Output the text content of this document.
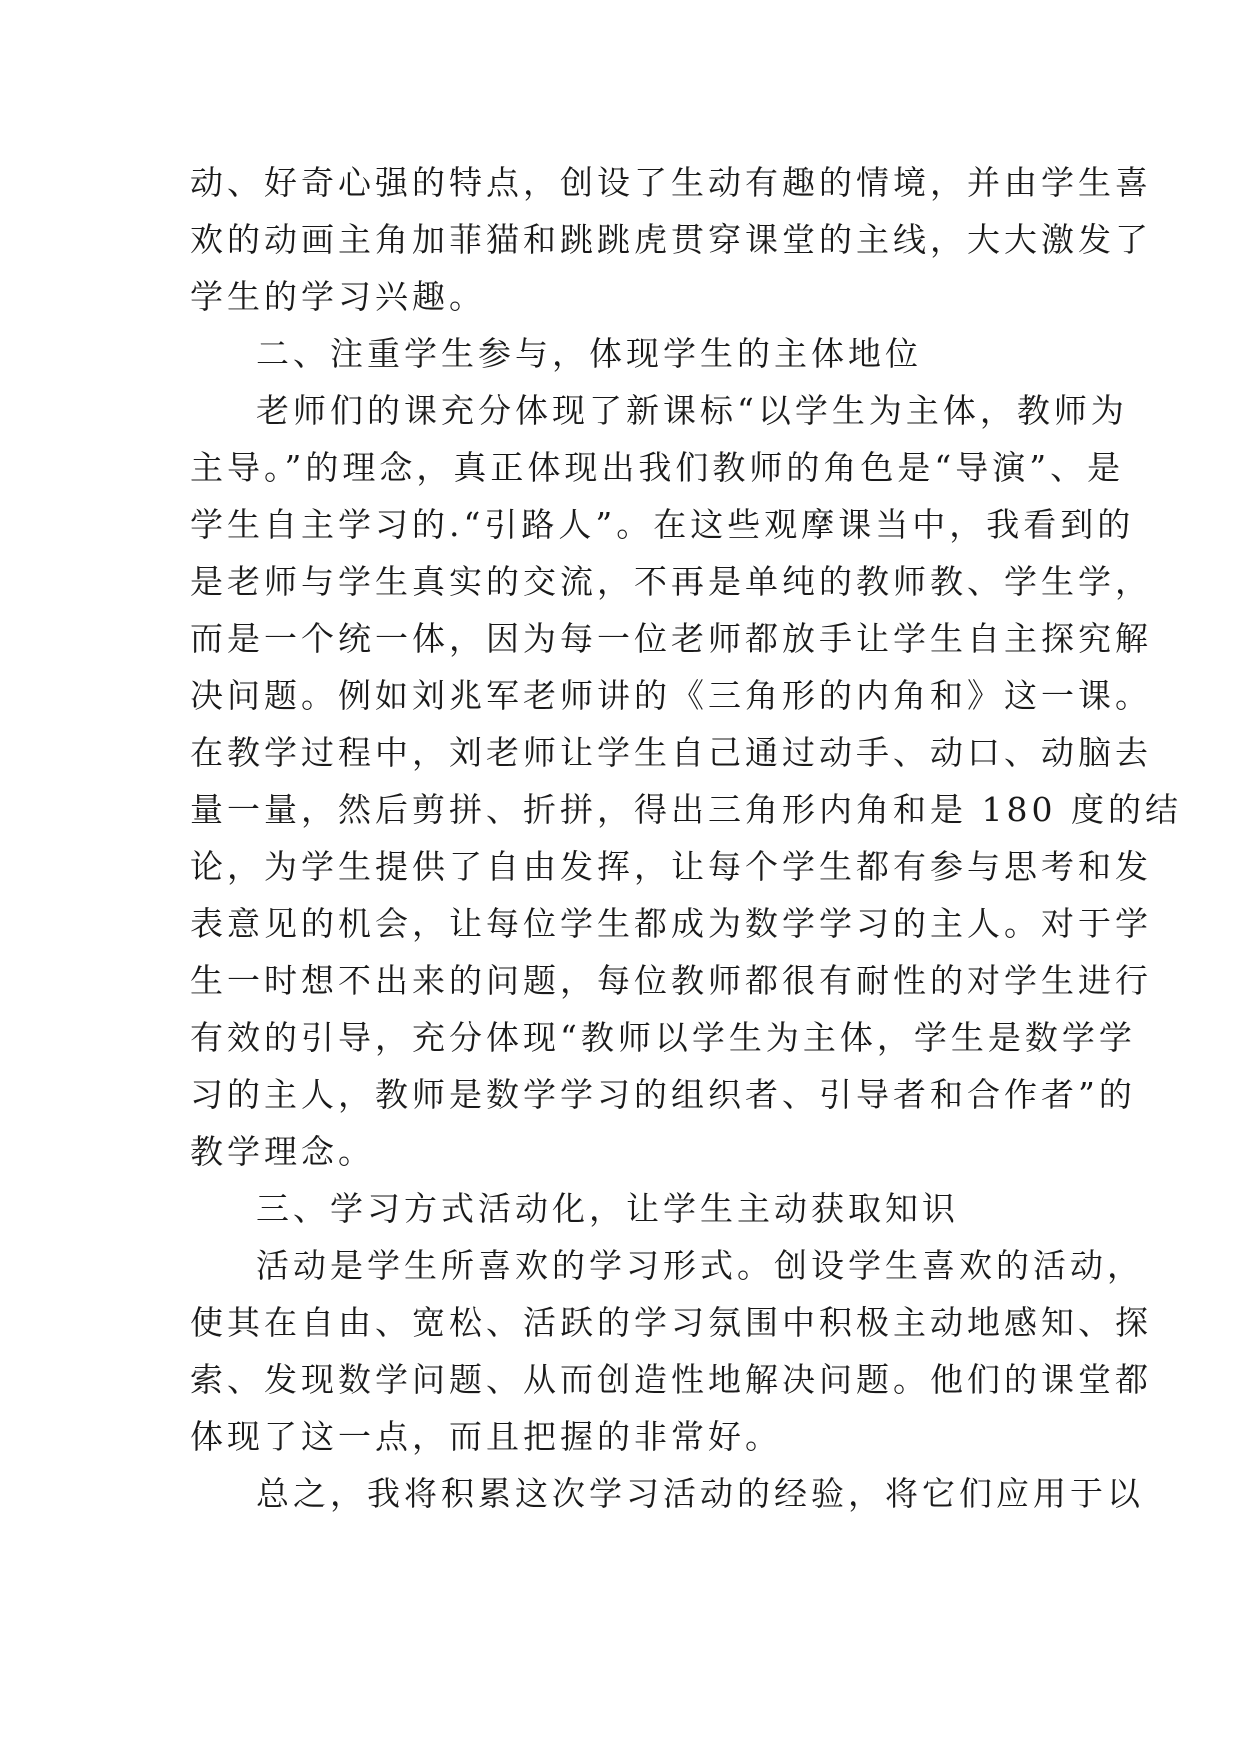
动、好奇心强的特点，创设了生动有趣的情境，并由学生喜
欢的动画主角加菲猫和跳跳虎贯穿课堂的主线，大大激发了
学生的学习兴趣。
二、注重学生参与，体现学生的主体地位
老师们的课充分体现了新课标“以学生为主体，教师为
主导。”的理念，真正体现出我们教师的角色是“导演”、是
学生自主学习的.“引路人”。在这些观摩课当中，我看到的
是老师与学生真实的交流，不再是单纯的教师教、学生学，
而是一个统一体，因为每一位老师都放手让学生自主探究解
决问题。例如刘兆军老师讲的《三角形的内角和》这一课。
在教学过程中，刘老师让学生自己通过动手、动口、动脑去
量一量，然后剪拼、折拼，得出三角形内角和是 180 度的结
论，为学生提供了自由发挥，让每个学生都有参与思考和发
表意见的机会，让每位学生都成为数学学习的主人。对于学
生一时想不出来的问题，每位教师都很有耐性的对学生进行
有效的引导，充分体现“教师以学生为主体，学生是数学学
习的主人，教师是数学学习的组织者、引导者和合作者”的
教学理念。
三、学习方式活动化，让学生主动获取知识
活动是学生所喜欢的学习形式。创设学生喜欢的活动，
使其在自由、宽松、活跃的学习氛围中积极主动地感知、探
索、发现数学问题、从而创造性地解决问题。他们的课堂都
体现了这一点，而且把握的非常好。
总之，我将积累这次学习活动的经验，将它们应用于以
